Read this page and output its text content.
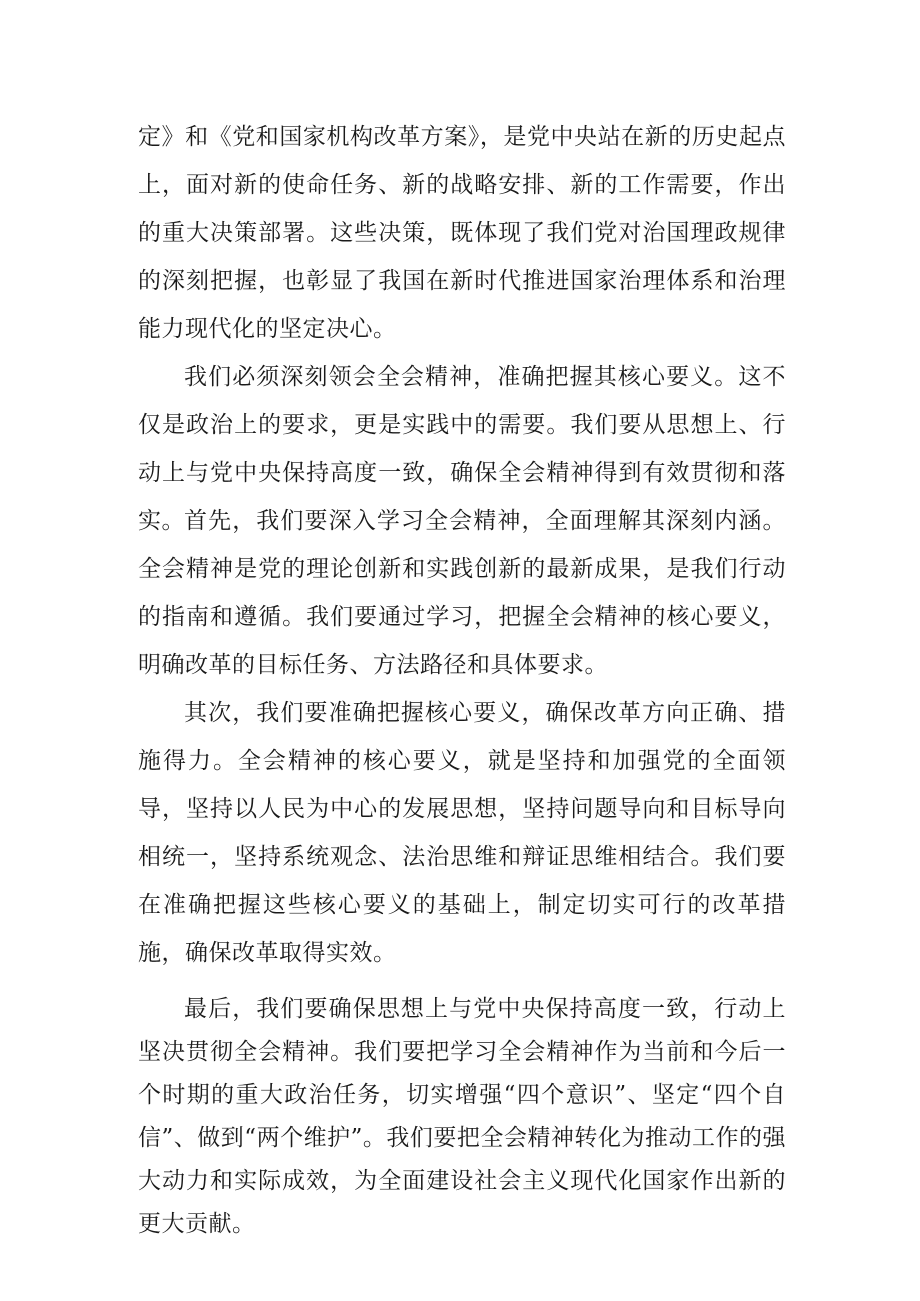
定》和《党和国家机构改革方案》，是党中央站在新的历史起点上，面对新的使命任务、新的战略安排、新的工作需要，作出的重大决策部署。这些决策，既体现了我们党对治国理政规律的深刻把握，也彰显了我国在新时代推进国家治理体系和治理能力现代化的坚定决心。

我们必须深刻领会全会精神，准确把握其核心要义。这不仅是政治上的要求，更是实践中的需要。我们要从思想上、行动上与党中央保持高度一致，确保全会精神得到有效贯彻和落实。 首先，我们要深入学习全会精神，全面理解其深刻内涵。全会精神是党的理论创新和实践创新的最新成果，是我们行动的指南和遵循。我们要通过学习，把握全会精神的核心要义，明确改革的目标任务、方法路径和具体要求。

其次，我们要准确把握核心要义，确保改革方向正确、措施得力。全会精神的核心要义，就是坚持和加强党的全面领导，坚持以人民为中心的发展思想，坚持问题导向和目标导向相统一，坚持系统观念、法治思维和辩证思维相结合。我们要在准确把握这些核心要义的基础上，制定切实可行的改革措施，确保改革取得实效。

最后，我们要确保思想上与党中央保持高度一致，行动上坚决贯彻全会精神。我们要把学习全会精神作为当前和今后一个时期的重大政治任务，切实增强“四个意识”、坚定“四个自信”、做到“两个维护”。我们要把全会精神转化为推动工作的强大动力和实际成效，为全面建设社会主义现代化国家作出新的更大贡献。
